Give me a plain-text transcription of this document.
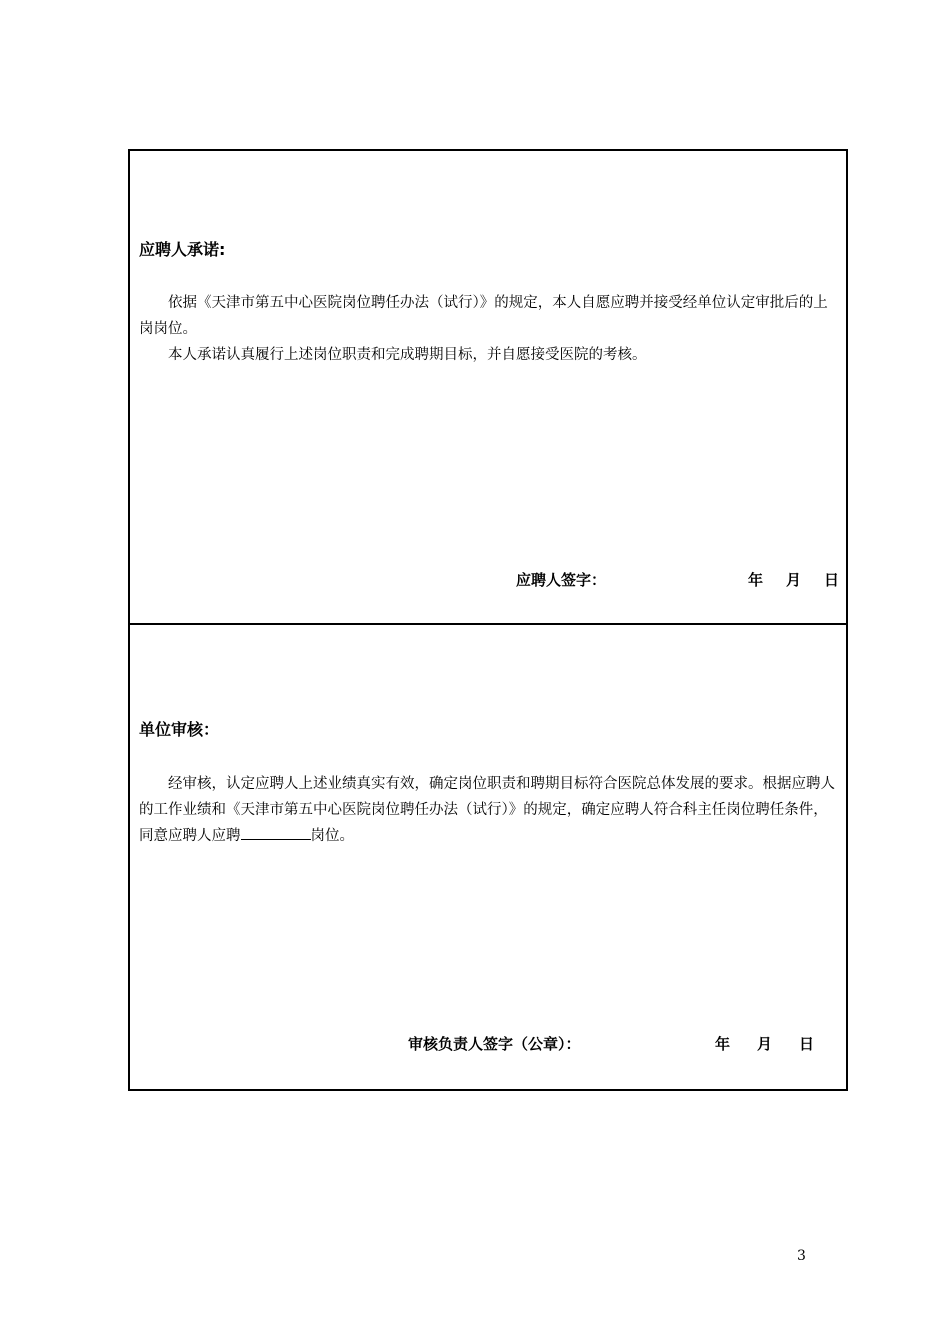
应聘人承诺:

依据《天津市第五中心医院岗位聘任办法（试行）》的规定，本人自愿应聘并接受经单位认定审批后的上岗岗位。

本人承诺认真履行上述岗位职责和完成聘期目标，并自愿接受医院的考核。

应聘人签字：	年 月 日
单位审核：

经审核，认定应聘人上述业绩真实有效，确定岗位职责和聘期目标符合医院总体发展的要求。根据应聘人的工作业绩和《天津市第五中心医院岗位聘任办法（试行）》的规定，确定应聘人符合科主任岗位聘任条件，同意应聘人应聘	岗位。

审核负责人签字（公章）：	年 月 日
3
